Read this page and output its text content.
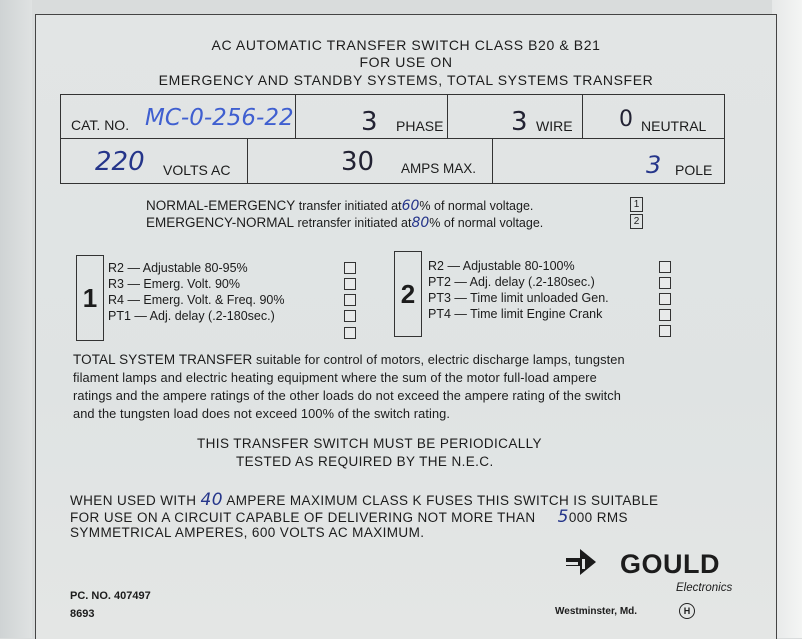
AC AUTOMATIC TRANSFER SWITCH CLASS B20 & B21
FOR USE ON
EMERGENCY AND STANDBY SYSTEMS, TOTAL SYSTEMS TRANSFER
CAT. NO. MC-0-256-22	3 PHASE	3 WIRE 0 NEUTRAL
220 VOLTS AC	30 AMPS MAX.	3 POLE
NORMAL-EMERGENCY transfer initiated at60% of normal voltage.	1
EMERGENCY-NORMAL retransfer initiated at80% of normal voltage.	2
1
R2 — Adjustable 80-95%
R3 — Emerg. Volt. 90%
R4 — Emerg. Volt. & Freq. 90%
PT1 — Adj. delay (.2-180sec.)
2
R2 — Adjustable 80-100%
PT2 — Adj. delay (.2-180sec.)
PT3 — Time limit unloaded Gen.
PT4 — Time limit Engine Crank
TOTAL SYSTEM TRANSFER suitable for control of motors, electric discharge lamps, tungsten
filament lamps and electric heating equipment where the sum of the motor full-load ampere
ratings and the ampere ratings of the other loads do not exceed the ampere rating of the switch
and the tungsten load does not exceed 100% of the switch rating.
THIS TRANSFER SWITCH MUST BE PERIODICALLY
TESTED AS REQUIRED BY THE N.E.C.
WHEN USED WITH 40 AMPERE MAXIMUM CLASS K FUSES THIS SWITCH IS SUITABLE
FOR USE ON A CIRCUIT CAPABLE OF DELIVERING NOT MORE THAN 5000 RMS
SYMMETRICAL AMPERES, 600 VOLTS AC MAXIMUM.
GOULD
Electronics
PC. NO. 407497
8693	Westminster, Md.	H
